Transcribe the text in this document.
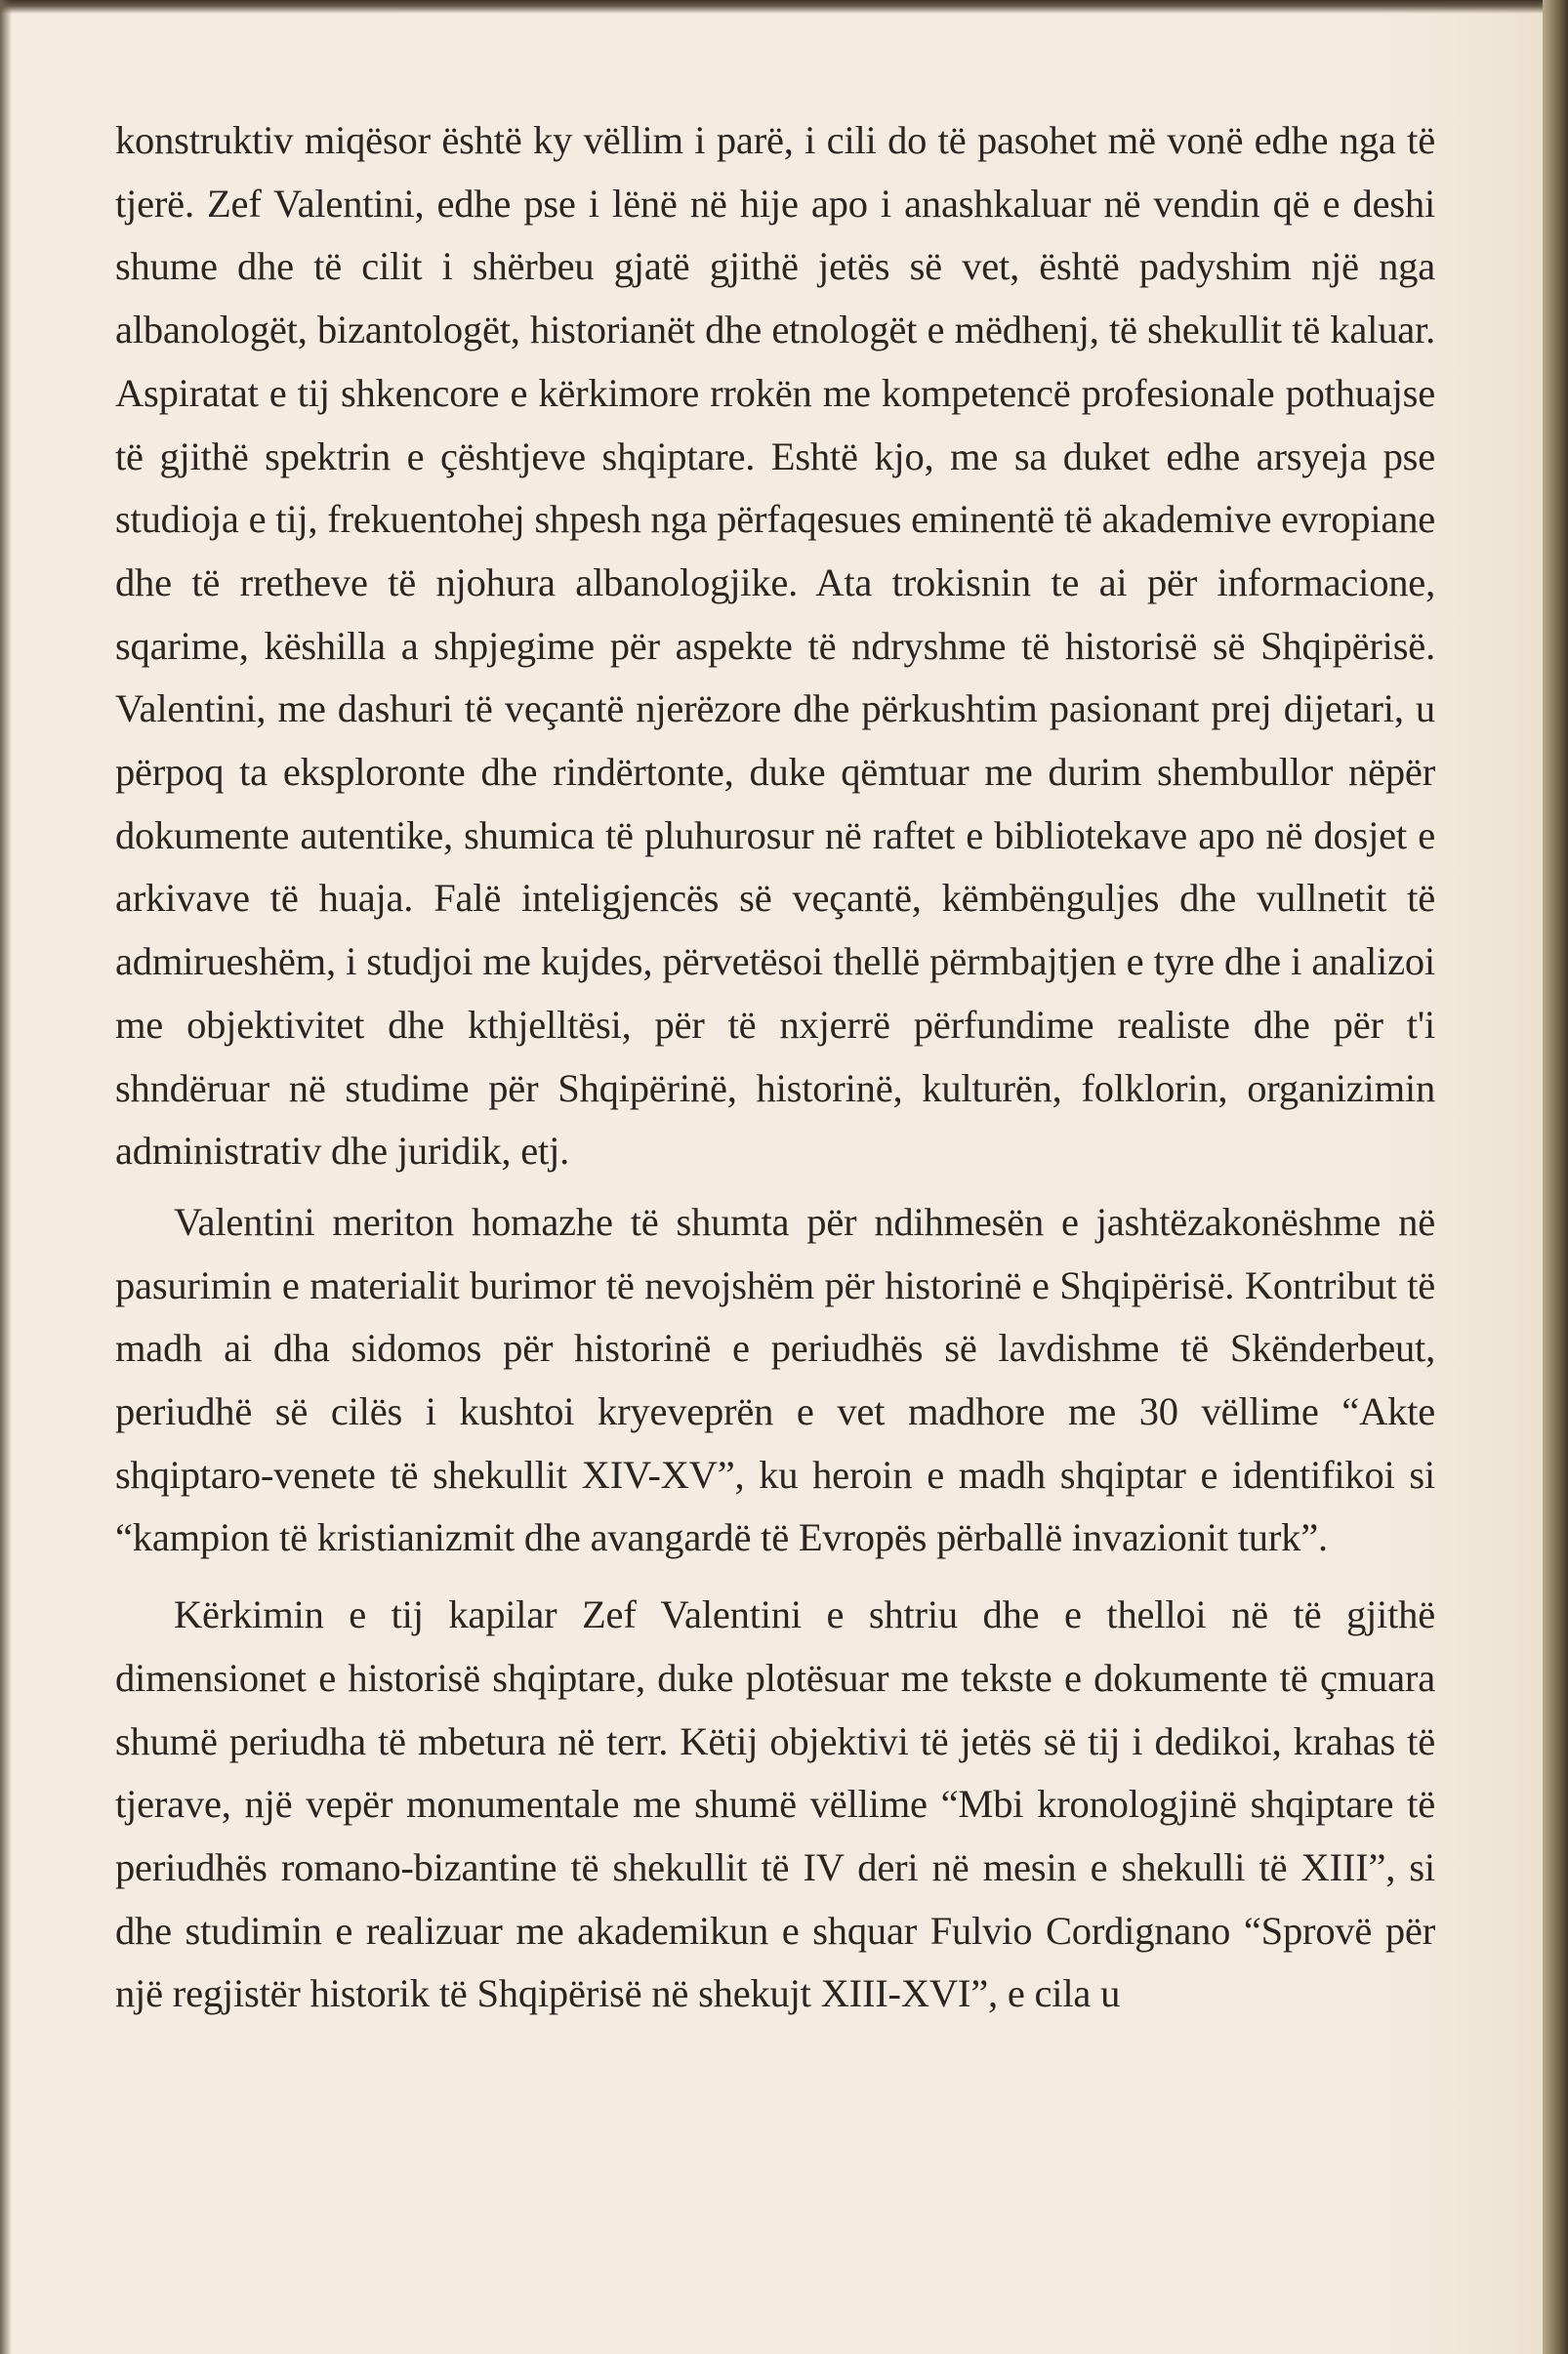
konstruktiv miqësor është ky vëllim i parë, i cili do të pasohet më vonë edhe nga të tjerë. Zef Valentini, edhe pse i lënë në hije apo i anashkaluar në vendin që e deshi shume dhe të cilit i shërbeu gjatë gjithë jetës së vet, është padyshim një nga albanologët, bizantologët, historianët dhe etnologët e mëdhenj, të shekullit të kaluar. Aspiratat e tij shkencore e kërkimore rrokën me kompetencë profesionale pothuajse të gjithë spektrin e çështjeve shqiptare. Eshtë kjo, me sa duket edhe arsyeja pse studioja e tij, frekuentohej shpesh nga përfaqesues eminentë të akademive evropiane dhe të rretheve të njohura albanologjike. Ata trokisnin te ai për informacione, sqarime, këshilla a shpjegime për aspekte të ndryshme të historisë së Shqipërisë. Valentini, me dashuri të veçantë njerëzore dhe përkushtim pasionant prej dijetari, u përpoq ta eksploronte dhe rindërtonte, duke qëmtuar me durim shembullor nëpër dokumente autentike, shumica të pluhurosur në raftet e bibliotekave apo në dosjet e arkivave të huaja. Falë inteligjencës së veçantë, këmbëngulјes dhe vullnetit të admirueshëm, i studjoi me kujdes, përvetësoi thellë përmbajtjen e tyre dhe i analizoi me objektivitet dhe kthjelltësi, për të nxjerrë përfundime realiste dhe për t'i shndëruar në studime për Shqipërinë, historinë, kulturën, folklorin, organizimin administrativ dhe juridik, etj.

Valentini meriton homazhe të shumta për ndihmesën e jashtëzakonëshme në pasurimin e materialit burimor të nevojshëm për historinë e Shqipërisë. Kontribut të madh ai dha sidomos për historinë e periudhës së lavdishme të Skënderbeut, periudhë së cilës i kushtoi kryeveprën e vet madhore me 30 vëllime “Akte shqiptaro-venete të shekullit XIV-XV”, ku heroin e madh shqiptar e identifikoi si “kampion të kristianizmit dhe avangardë të Evropës përballë invazionit turk”.

Kërkimin e tij kapilar Zef Valentini e shtriu dhe e thelloi në të gjithë dimensionet e historisë shqiptare, duke plotësuar me tekste e dokumente të çmuara shumë periudha të mbetura në terr. Këtij objektivi të jetës së tij i dedikoi, krahas të tjerave, një vepër monumentale me shumë vëllime “Mbi kronologjinë shqiptare të periudhës romano-bizantine të shekullit të IV deri në mesin e shekulli të XIII”, si dhe studimin e realizuar me akademikun e shquar Fulvio Cordignano “Sprovë për një regjistër historik të Shqipërisë në shekujt XIII-XVI”, e cila u
